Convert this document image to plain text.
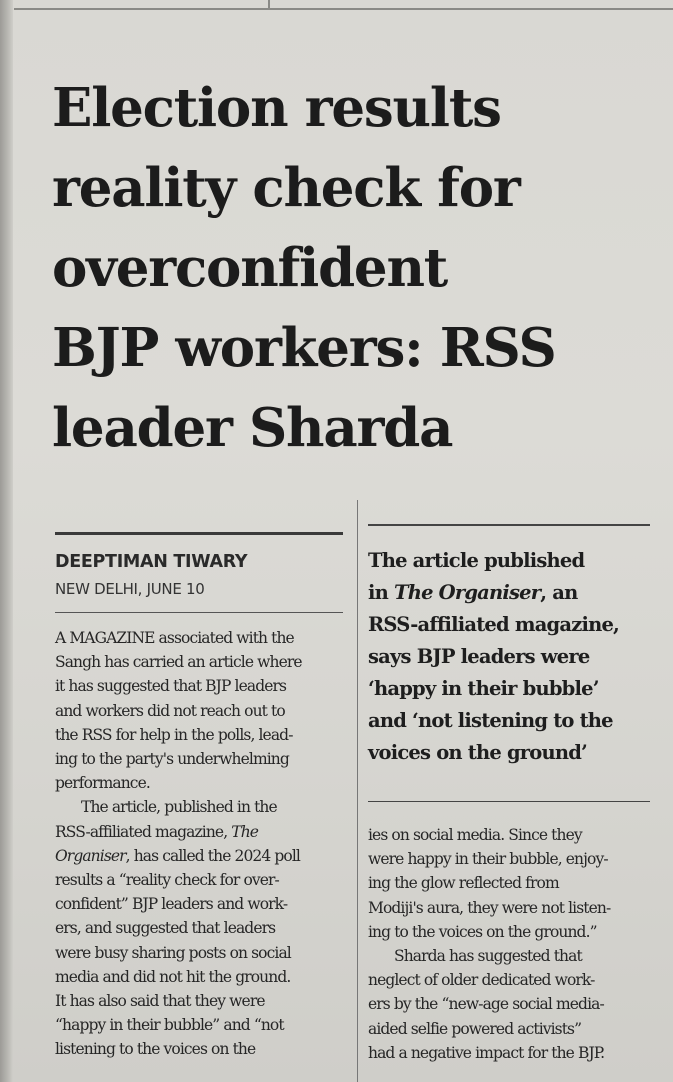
Election results
reality check for
overconfident
BJP workers: RSS
leader Sharda
DEEPTIMAN TIWARY
NEW DELHI, JUNE 10
A MAGAZINE associated with the
Sangh has carried an article where
it has suggested that BJP leaders
and workers did not reach out to
the RSS for help in the polls, lead-
ing to the party's underwhelming
performance.
The article, published in the
RSS-affiliated magazine, The
Organiser, has called the 2024 poll
results a “reality check for over-
confident” BJP leaders and work-
ers, and suggested that leaders
were busy sharing posts on social
media and did not hit the ground.
It has also said that they were
“happy in their bubble” and “not
listening to the voices on the
The article published
in The Organiser, an
RSS-affiliated magazine,
says BJP leaders were
‘happy in their bubble’
and ‘not listening to the
voices on the ground’
ies on social media. Since they
were happy in their bubble, enjoy-
ing the glow reflected from
Modiji's aura, they were not listen-
ing to the voices on the ground.”
Sharda has suggested that
neglect of older dedicated work-
ers by the “new-age social media-
aided selfie powered activists”
had a negative impact for the BJP.
